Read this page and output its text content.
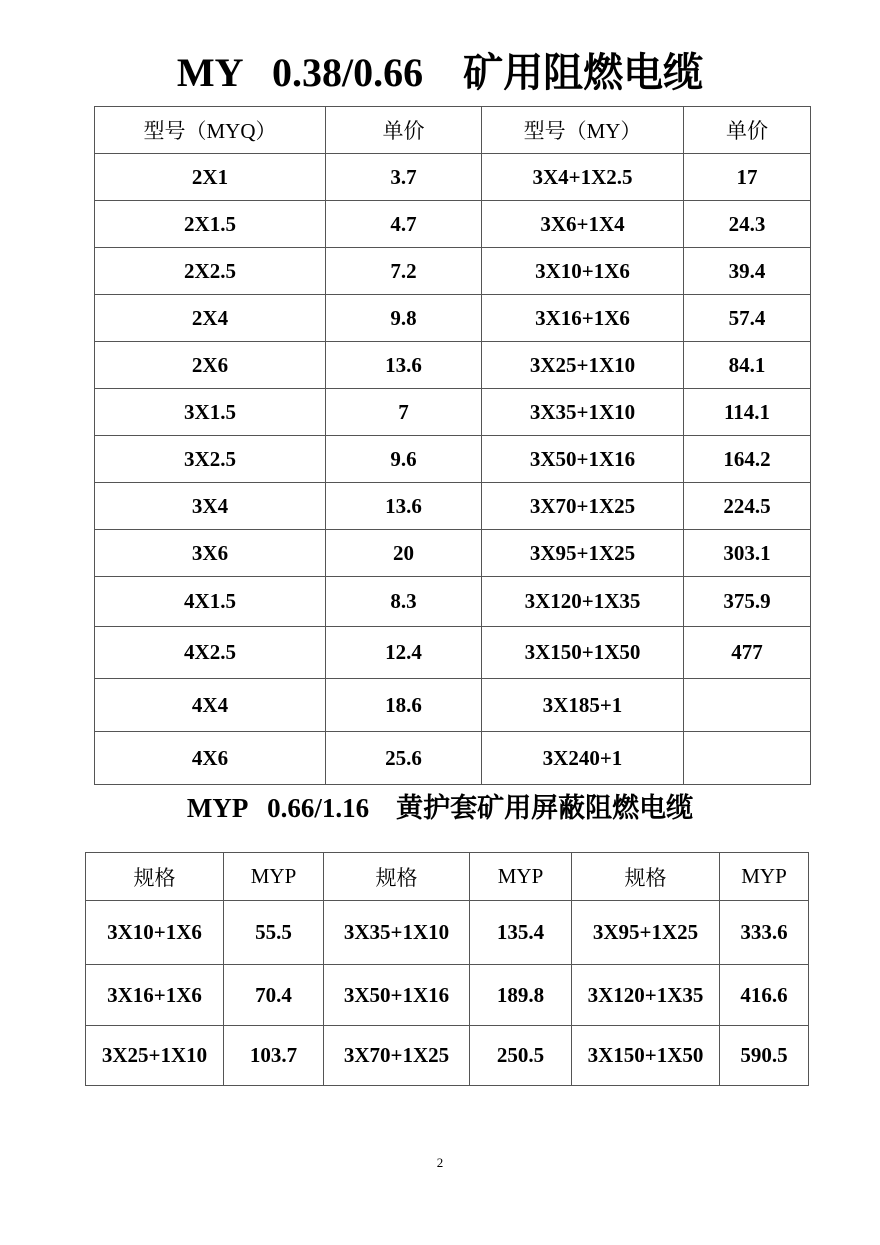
MY   0.38/0.66    矿用阻燃电缆
型号（MYQ）	单价	型号（MY）	单价
2X1	3.7	3X4+1X2.5	17
2X1.5	4.7	3X6+1X4	24.3
2X2.5	7.2	3X10+1X6	39.4
2X4	9.8	3X16+1X6	57.4
2X6	13.6	3X25+1X10	84.1
3X1.5	7	3X35+1X10	114.1
3X2.5	9.6	3X50+1X16	164.2
3X4	13.6	3X70+1X25	224.5
3X6	20	3X95+1X25	303.1
4X1.5	8.3	3X120+1X35	375.9
4X2.5	12.4	3X150+1X50	477
4X4	18.6	3X185+1	
4X6	25.6	3X240+1	
MYP   0.66/1.16    黄护套矿用屏蔽阻燃电缆
规格	MYP	规格	MYP	规格	MYP
3X10+1X6	55.5	3X35+1X10	135.4	3X95+1X25	333.6
3X16+1X6	70.4	3X50+1X16	189.8	3X120+1X35	416.6
3X25+1X10	103.7	3X70+1X25	250.5	3X150+1X50	590.5
2
